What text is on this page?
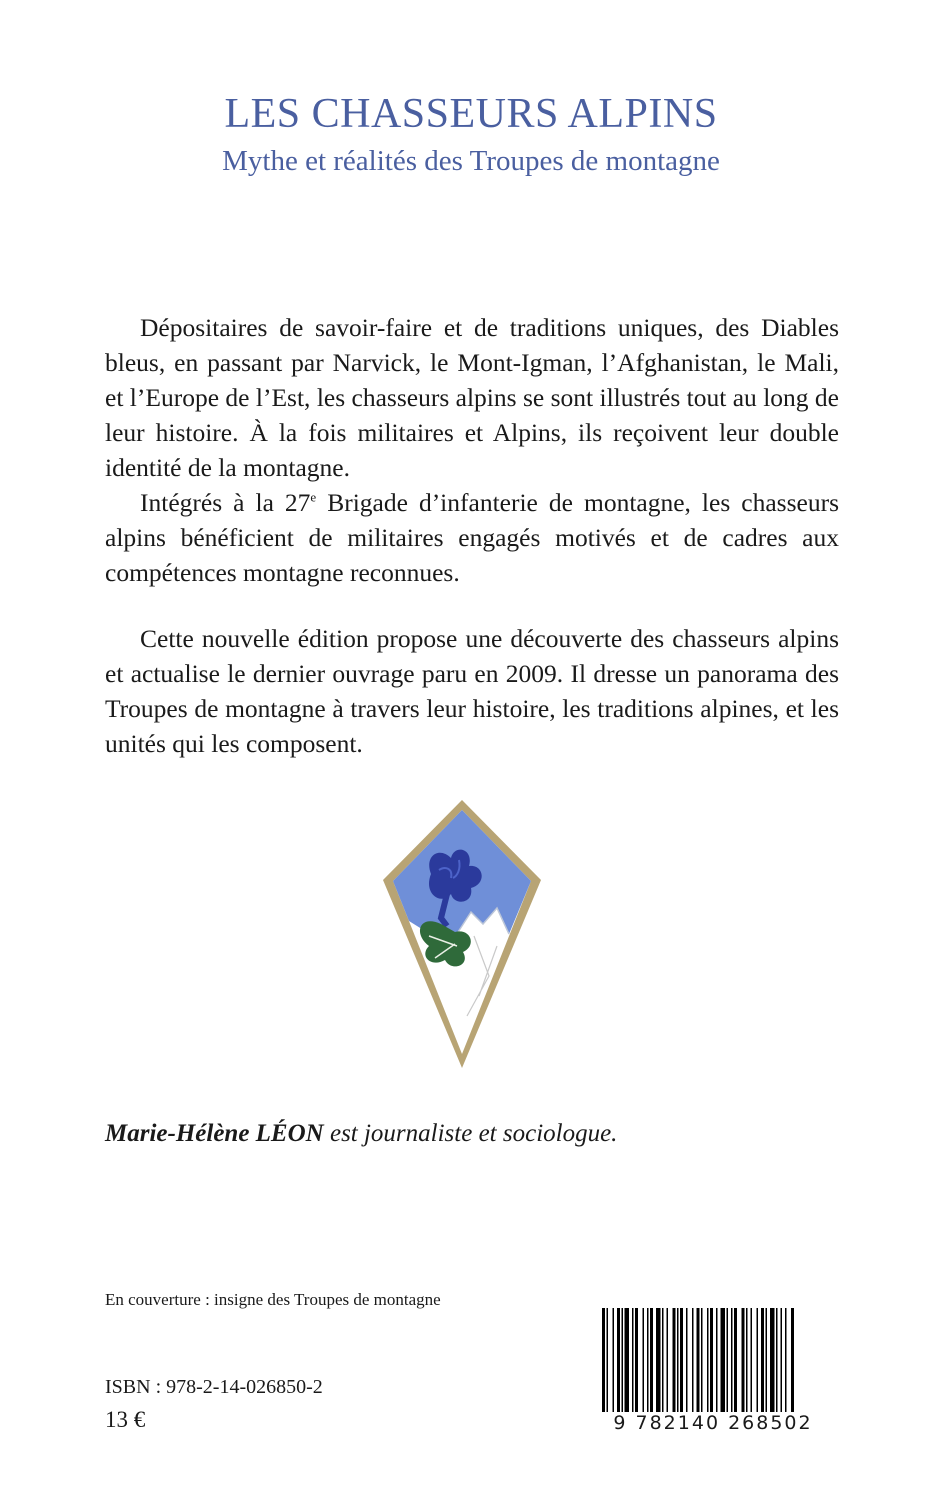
LES CHASSEURS ALPINS
Mythe et réalités des Troupes de montagne

Dépositaires de savoir-faire et de traditions uniques, des Diables bleus, en passant par Narvick, le Mont-Igman, l’Afghanistan, le Mali, et l’Europe de l’Est, les chasseurs alpins se sont illustrés tout au long de leur histoire. À la fois militaires et Alpins, ils reçoivent leur double identité de la montagne.

Intégrés à la 27e Brigade d’infanterie de montagne, les chasseurs alpins bénéficient de militaires engagés motivés et de cadres aux compétences montagne reconnues.

Cette nouvelle édition propose une découverte des chasseurs alpins et actualise le dernier ouvrage paru en 2009. Il dresse un panorama des Troupes de montagne à travers leur histoire, les traditions alpines, et les unités qui les composent.

Marie-Hélène LÉON est journaliste et sociologue.
En couverture : insigne des Troupes de montagne
ISBN : 978-2-14-026850-2
13 €	9 782140 268502
